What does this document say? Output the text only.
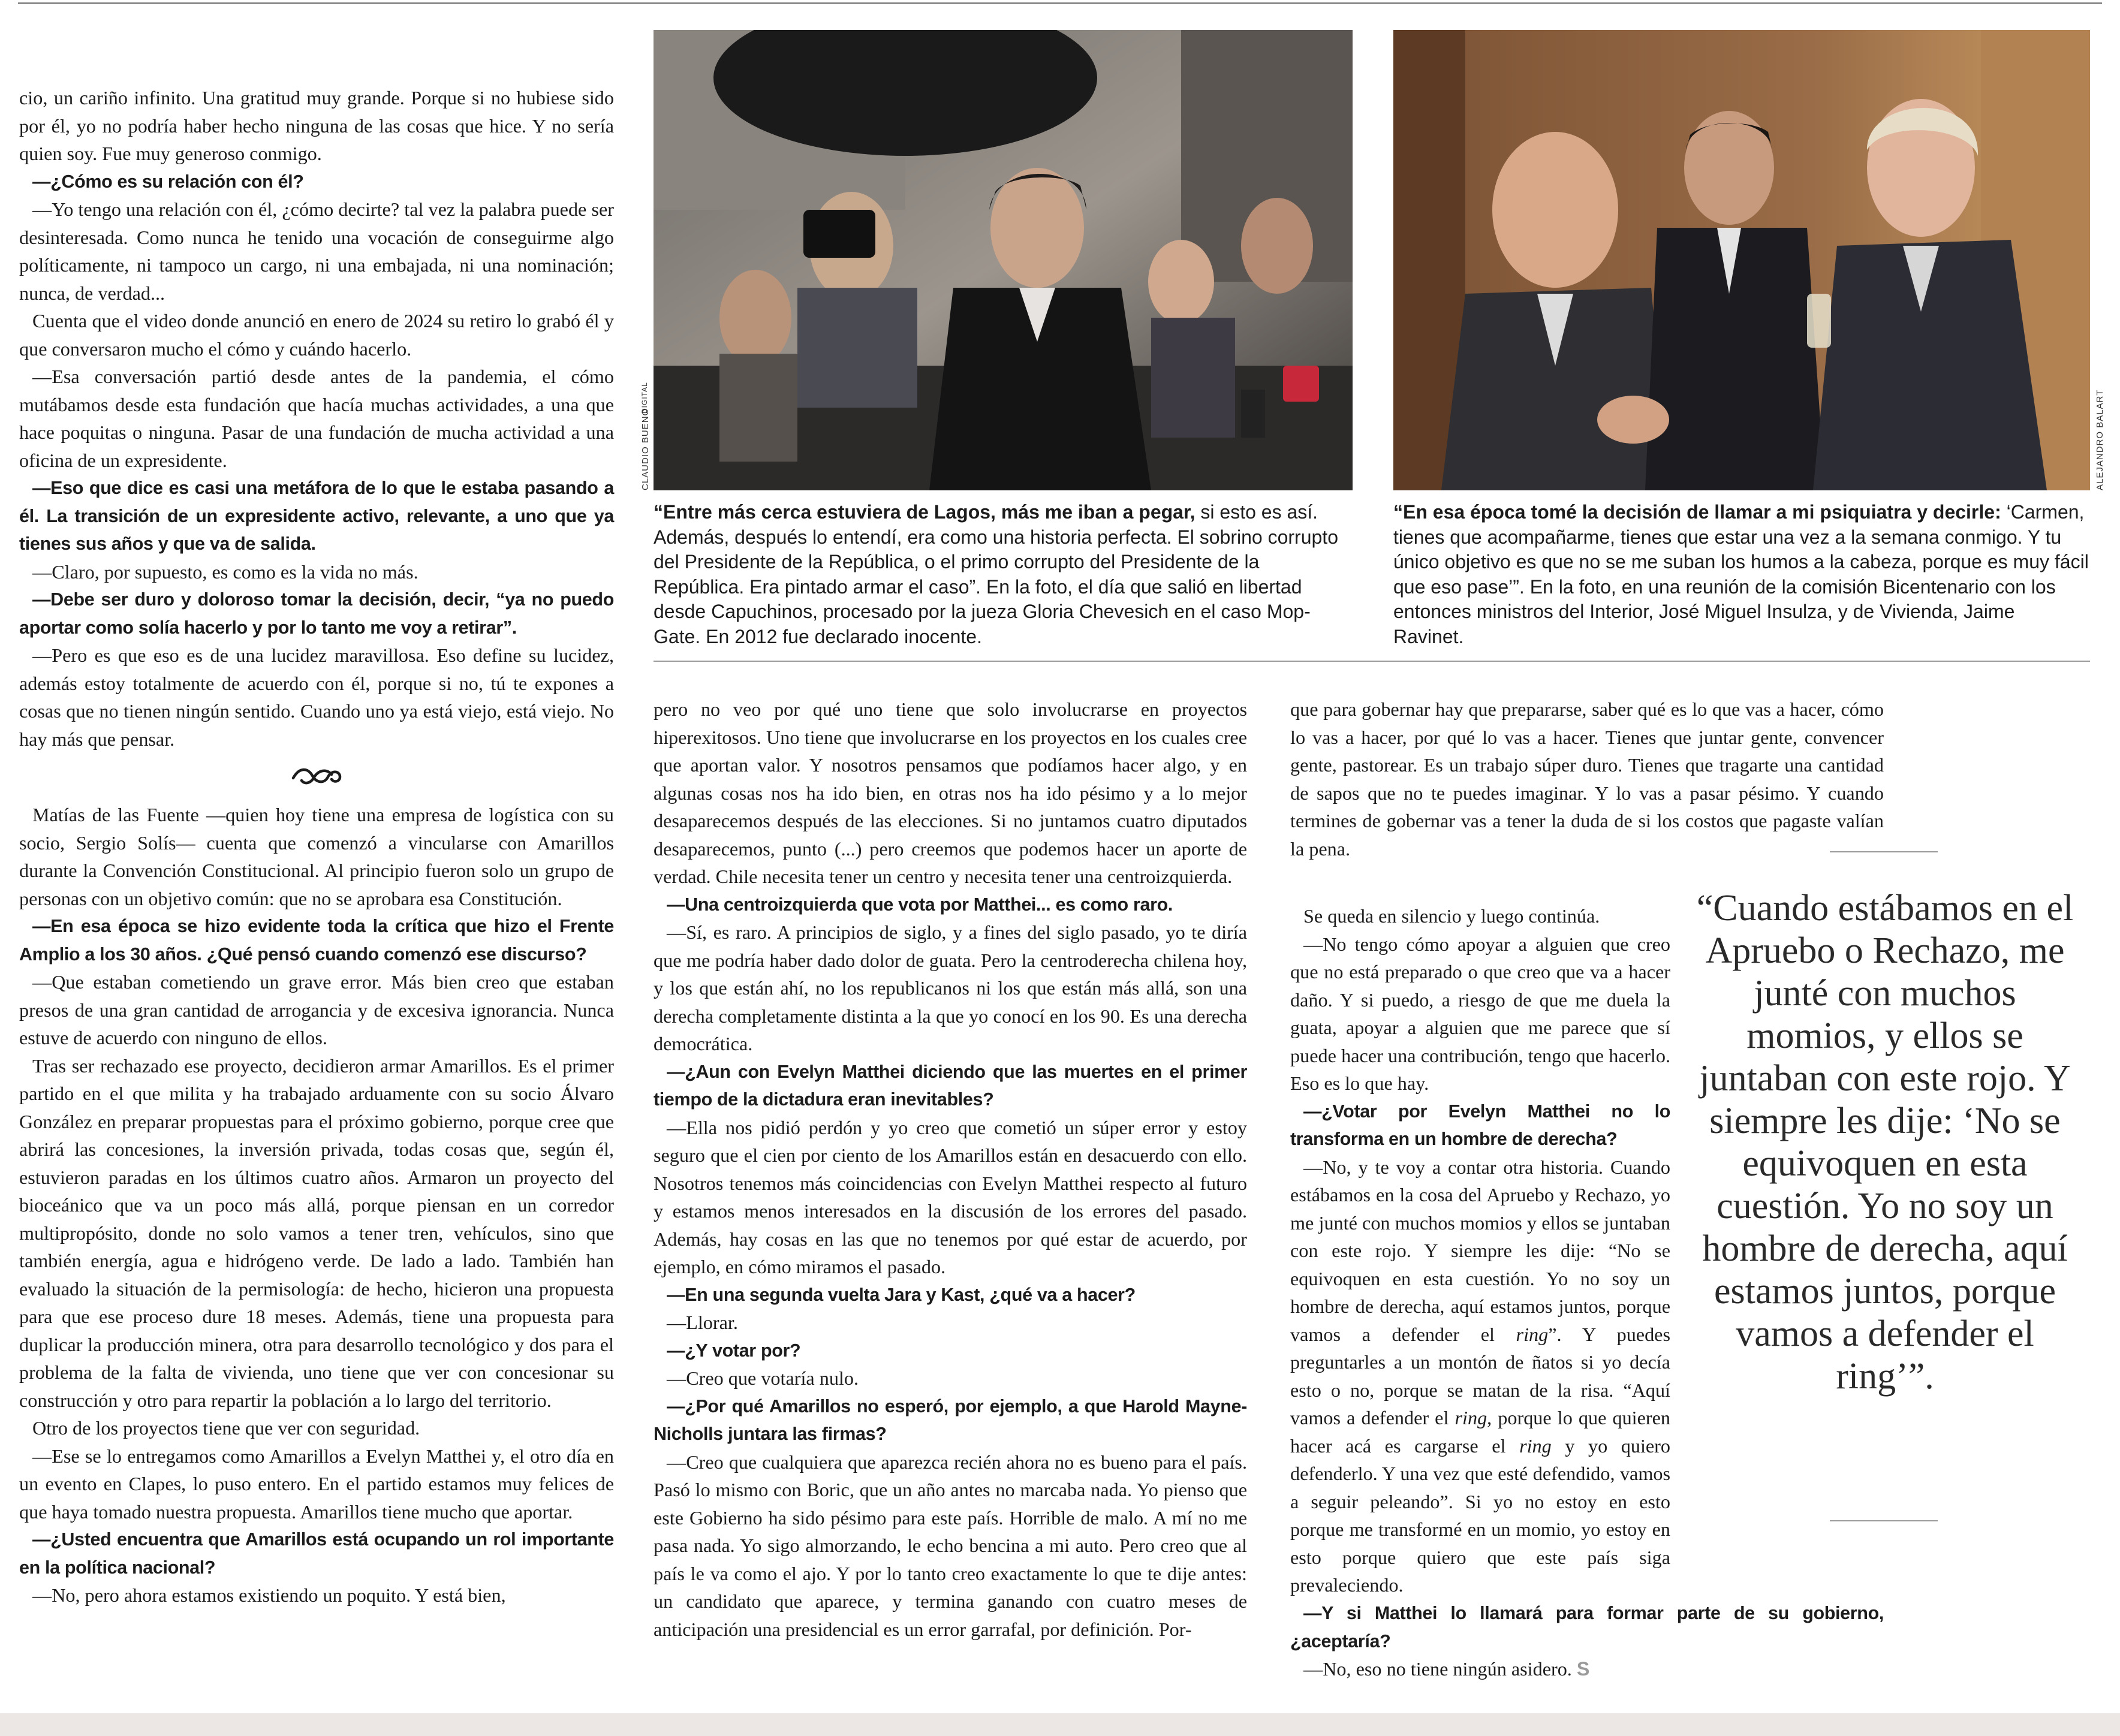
cio, un cariño infinito. Una gratitud muy grande. Porque si no hubiese sido por él, yo no podría haber hecho ninguna de las cosas que hice. Y no sería quien soy. Fue muy generoso conmigo.

—¿Cómo es su relación con él?

—Yo tengo una relación con él, ¿cómo decirte? tal vez la palabra puede ser desinteresada. Como nunca he tenido una vocación de conseguirme algo políticamente, ni tampoco un cargo, ni una embajada, ni una nominación; nunca, de verdad...

Cuenta que el video donde anunció en enero de 2024 su retiro lo grabó él y que conversaron mucho el cómo y cuándo hacerlo.

—Esa conversación partió desde antes de la pandemia, el cómo mutábamos desde esta fundación que hacía muchas actividades, a una que hace poquitas o ninguna. Pasar de una fundación de mucha actividad a una oficina de un expresidente.

—Eso que dice es casi una metáfora de lo que le estaba pasando a él. La transición de un expresidente activo, relevante, a uno que ya tienes sus años y que va de salida.

—Claro, por supuesto, es como es la vida no más.

—Debe ser duro y doloroso tomar la decisión, decir, “ya no puedo aportar como solía hacerlo y por lo tanto me voy a retirar”.

—Pero es que eso es de una lucidez maravillosa. Eso define su lucidez, además estoy totalmente de acuerdo con él, porque si no, tú te expones a cosas que no tienen ningún sentido. Cuando uno ya está viejo, está viejo. No hay más que pensar.

Matías de las Fuente —quien hoy tiene una empresa de logística con su socio, Sergio Solís— cuenta que comenzó a vincularse con Amarillos durante la Convención Constitucional. Al principio fueron solo un grupo de personas con un objetivo común: que no se aprobara esa Constitución.

—En esa época se hizo evidente toda la crítica que hizo el Frente Amplio a los 30 años. ¿Qué pensó cuando comenzó ese discurso?

—Que estaban cometiendo un grave error. Más bien creo que estaban presos de una gran cantidad de arrogancia y de excesiva ignorancia. Nunca estuve de acuerdo con ninguno de ellos.

Tras ser rechazado ese proyecto, decidieron armar Amarillos. Es el primer partido en el que milita y ha trabajado arduamente con su socio Álvaro González en preparar propuestas para el próximo gobierno, porque cree que abrirá las concesiones, la inversión privada, todas cosas que, según él, estuvieron paradas en los últimos cuatro años. Armaron un proyecto del bioceánico que va un poco más allá, porque piensan en un corredor multipropósito, donde no solo vamos a tener tren, vehículos, sino que también energía, agua e hidrógeno verde. De lado a lado. También han evaluado la situación de la permisología: de hecho, hicieron una propuesta para que ese proceso dure 18 meses. Además, tiene una propuesta para duplicar la producción minera, otra para desarrollo tecnológico y dos para el problema de la falta de vivienda, uno tiene que ver con concesionar su construcción y otro para repartir la población a lo largo del territorio.

Otro de los proyectos tiene que ver con seguridad.

—Ese se lo entregamos como Amarillos a Evelyn Matthei y, el otro día en un evento en Clapes, lo puso entero. En el partido estamos muy felices de que haya tomado nuestra propuesta. Amarillos tiene mucho que aportar.

—¿Usted encuentra que Amarillos está ocupando un rol importante en la política nacional?

—No, pero ahora estamos existiendo un poquito. Y está bien,

CLAUDIO BUENO
DIGITAL
“Entre más cerca estuviera de Lagos, más me iban a pegar, si esto es así. Además, después lo entendí, era como una historia perfecta. El sobrino corrupto del Presidente de la República, o el primo corrupto del Presidente de la República. Era pintado armar el caso”. En la foto, el día que salió en libertad desde Capuchinos, procesado por la jueza Gloria Chevesich en el caso Mop-Gate. En 2012 fue declarado inocente.
ALEJANDRO BALART
“En esa época tomé la decisión de llamar a mi psiquiatra y decirle: ‘Carmen, tienes que acompañarme, tienes que estar una vez a la semana conmigo. Y tu único objetivo es que no se me suban los humos a la cabeza, porque es muy fácil que eso pase’”. En la foto, en una reunión de la comisión Bicentenario con los entonces ministros del Interior, José Miguel Insulza, y de Vivienda, Jaime Ravinet.

pero no veo por qué uno tiene que solo involucrarse en proyectos hiperexitosos. Uno tiene que involucrarse en los proyectos en los cuales cree que aportan valor. Y nosotros pensamos que podíamos hacer algo, y en algunas cosas nos ha ido bien, en otras nos ha ido pésimo y a lo mejor desaparecemos después de las elecciones. Si no juntamos cuatro diputados desaparecemos, punto (...) pero creemos que podemos hacer un aporte de verdad. Chile necesita tener un centro y necesita tener una centroizquierda.

—Una centroizquierda que vota por Matthei... es como raro.

—Sí, es raro. A principios de siglo, y a fines del siglo pasado, yo te diría que me podría haber dado dolor de guata. Pero la centroderecha chilena hoy, y los que están ahí, no los republicanos ni los que están más allá, son una derecha completamente distinta a la que yo conocí en los 90. Es una derecha democrática.

—¿Aun con Evelyn Matthei diciendo que las muertes en el primer tiempo de la dictadura eran inevitables?

—Ella nos pidió perdón y yo creo que cometió un súper error y estoy seguro que el cien por ciento de los Amarillos están en desacuerdo con ello. Nosotros tenemos más coincidencias con Evelyn Matthei respecto al futuro y estamos menos interesados en la discusión de los errores del pasado. Además, hay cosas en las que no tenemos por qué estar de acuerdo, por ejemplo, en cómo miramos el pasado.

—En una segunda vuelta Jara y Kast, ¿qué va a hacer?

—Llorar.

—¿Y votar por?

—Creo que votaría nulo.

—¿Por qué Amarillos no esperó, por ejemplo, a que Harold Mayne-Nicholls juntara las firmas?

—Creo que cualquiera que aparezca recién ahora no es bueno para el país. Pasó lo mismo con Boric, que un año antes no marcaba nada. Yo pienso que este Gobierno ha sido pésimo para este país. Horrible de malo. A mí no me pasa nada. Yo sigo almorzando, le echo bencina a mi auto. Pero creo que al país le va como el ajo. Y por lo tanto creo exactamente lo que te dije antes: un candidato que aparece, y termina ganando con cuatro meses de anticipación una presidencial es un error garrafal, por definición. Por-

que para gobernar hay que prepararse, saber qué es lo que vas a hacer, cómo lo vas a hacer, por qué lo vas a hacer. Tienes que juntar gente, convencer gente, pastorear. Es un trabajo súper duro. Tienes que tragarte una cantidad de sapos que no te puedes imaginar. Y lo vas a pasar pésimo. Y cuando termines de gobernar vas a tener la duda de si los costos que pagaste valían la pena.

Se queda en silencio y luego continúa.

—No tengo cómo apoyar a alguien que creo que no está preparado o que creo que va a hacer daño. Y si puedo, a riesgo de que me duela la guata, apoyar a alguien que me parece que sí puede hacer una contribución, tengo que hacerlo. Eso es lo que hay.

—¿Votar por Evelyn Matthei no lo transforma en un hombre de derecha?

—No, y te voy a contar otra historia. Cuando estábamos en la cosa del Apruebo y Rechazo, yo me junté con muchos momios y ellos se juntaban con este rojo. Y siempre les dije: “No se equivoquen en esta cuestión. Yo no soy un hombre de derecha, aquí estamos juntos, porque vamos a defender el ring”. Y puedes preguntarles a un montón de ñatos si yo decía esto o no, porque se matan de la risa. “Aquí vamos a defender el ring, porque lo que quieren hacer acá es cargarse el ring y yo quiero defenderlo. Y una vez que esté defendido, vamos a seguir peleando”. Si yo no estoy en esto porque me transformé en un momio, yo estoy en esto porque quiero que este país siga prevaleciendo.

“Cuando estábamos en el Apruebo o Rechazo, me junté con muchos momios, y ellos se juntaban con este rojo. Y siempre les dije: ‘No se equivoquen en esta cuestión. Yo no soy un hombre de derecha, aquí estamos juntos, porque vamos a defender el ring’”.

—Y si Matthei lo llamará para formar parte de su gobierno, ¿aceptaría?

—No, eso no tiene ningún asidero. S
